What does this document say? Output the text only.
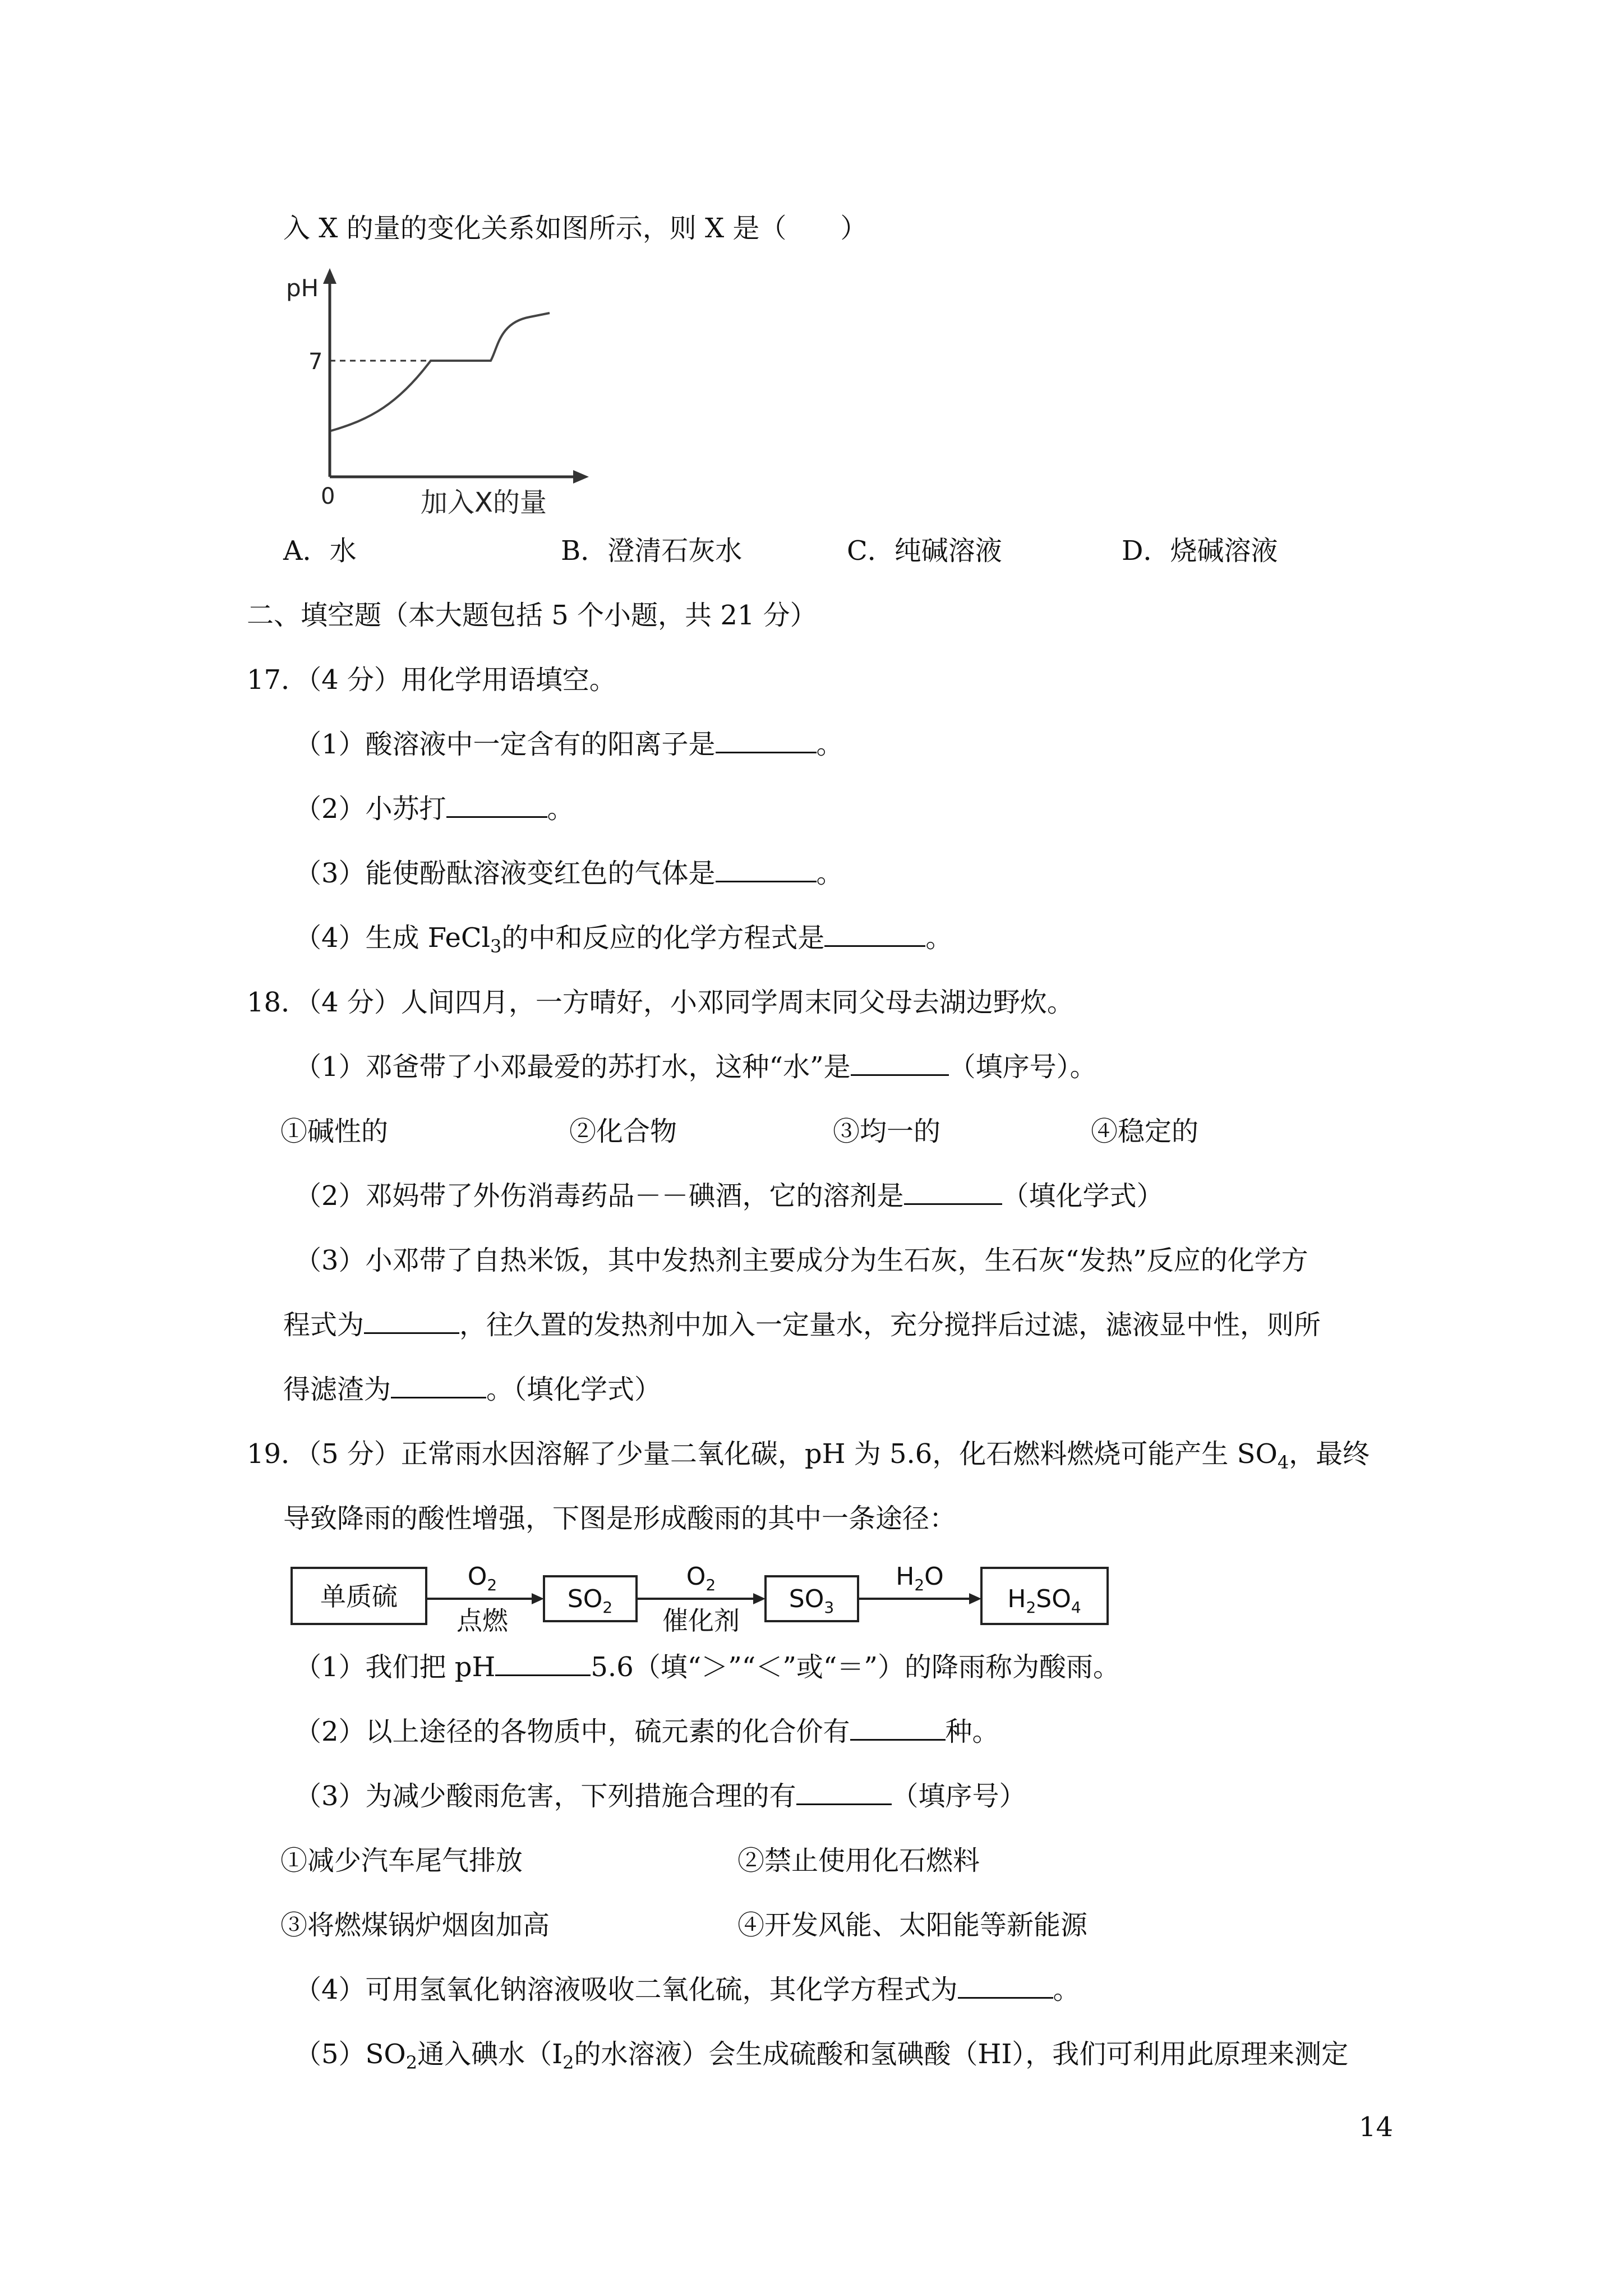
入 X 的量的变化关系如图所示，则 X 是（　　）
pH
7
0	加入X的量
A．水	B．澄清石灰水	C．纯碱溶液	D．烧碱溶液
二、填空题（本大题包括 5 个小题，共 21 分）
17．（4 分）用化学用语填空。
（1）酸溶液中一定含有的阳离子是	。
（2）小苏打	。
（3）能使酚酞溶液变红色的气体是	。
（4）生成 FeCl$_3$的中和反应的化学方程式是	。
18．（4 分）人间四月，一方晴好，小邓同学周末同父母去湖边野炊。
（1）邓爸带了小邓最爱的苏打水，这种“水”是	（填序号）。
①碱性的	②化合物	③均一的	④稳定的
（2）邓妈带了外伤消毒药品－－碘酒，它的溶剂是	（填化学式）
（3）小邓带了自热米饭，其中发热剂主要成分为生石灰，生石灰“发热”反应的化学方
程式为	，往久置的发热剂中加入一定量水，充分搅拌后过滤，滤液显中性，则所
得滤渣为	。（填化学式）
19．（5 分）正常雨水因溶解了少量二氧化碳，pH 为 5.6，化石燃料燃烧可能产生 $SO_4$，最终
导致降雨的酸性增强，下图是形成酸雨的其中一条途径：
单质硫	$SO_2$	$SO_3$	$H_2SO_4$
$O_2$
点燃
$O_2$
催化剂
$H_2O$
（1）我们把 pH	5.6（填“＞”“＜”或“＝”）的降雨称为酸雨。
（2）以上途径的各物质中，硫元素的化合价有	种。
（3）为减少酸雨危害，下列措施合理的有	（填序号）
①减少汽车尾气排放	②禁止使用化石燃料
③将燃煤锅炉烟囱加高	④开发风能、太阳能等新能源
（4）可用氢氧化钠溶液吸收二氧化硫，其化学方程式为	。
$(5)SO_2$通入碘水（$I_2$的水溶液）会生成硫酸和氢碘酸（HI），我们可利用此原理来测定
14
